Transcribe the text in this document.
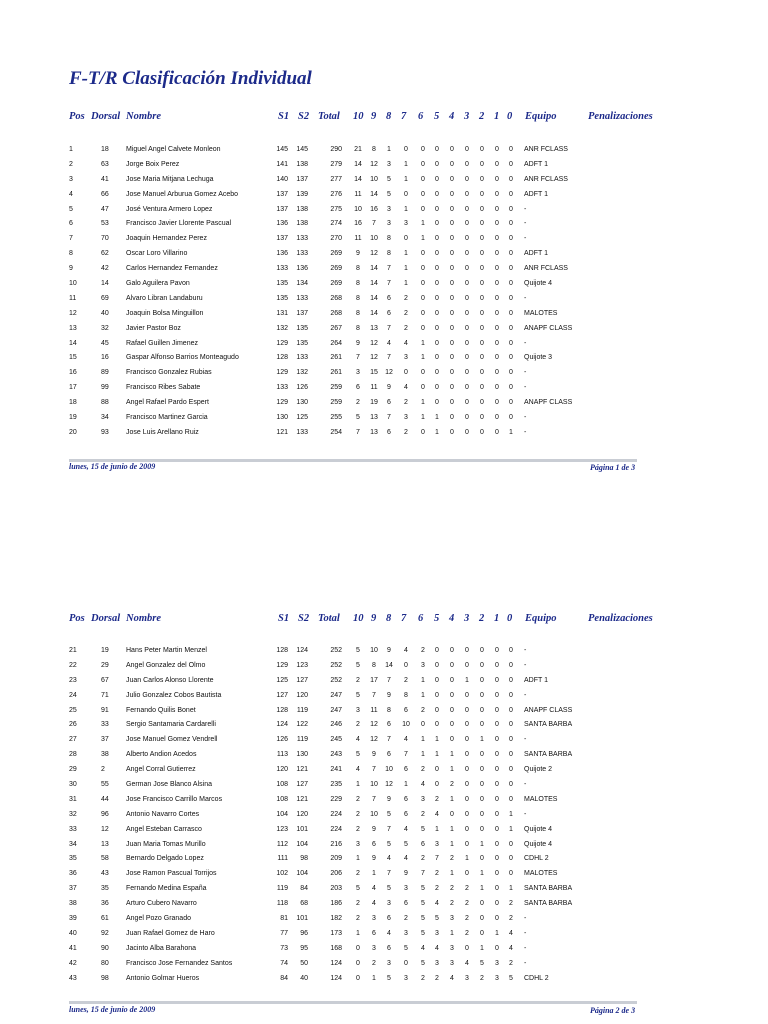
F-T/R Clasificación Individual
Pos Dorsal Nombre	S1 S2 Total 10 9 8 7 6 5 4 3 2 1 0 Equipo	Penalizaciones
1	18 Miguel Angel Calvete Monleon	145	145	290	21	8	1	0	0	0	0	0	0	0	0	ANR FCLASS
2	63 Jorge Boix Perez	141	138	279	14	12	3	1	0	0	0	0	0	0	0	ADFT 1
3	41 Jose Maria Mitjana Lechuga	140	137	277	14	10	5	1	0	0	0	0	0	0	0	ANR FCLASS
4	66 Jose Manuel Arburua Gomez Acebo	137	139	276	11	14	5	0	0	0	0	0	0	0	0	ADFT 1
5	47 José Ventura Armero Lopez	137	138	275	10	16	3	1	0	0	0	0	0	0	0	-
6	53 Francisco Javier Llorente Pascual	136	138	274	16	7	3	3	1	0	0	0	0	0	0	-
7	70 Joaquin Hernandez Perez	137	133	270	11	10	8	0	1	0	0	0	0	0	0	-
8	62 Oscar Loro Villarino	136	133	269	9	12	8	1	0	0	0	0	0	0	0	ADFT 1
9	42 Carlos Hernandez Fernandez	133	136	269	8	14	7	1	0	0	0	0	0	0	0	ANR FCLASS
10	14 Galo Aguilera Pavon	135	134	269	8	14	7	1	0	0	0	0	0	0	0	Quijote 4
11	69 Alvaro Libran Landaburu	135	133	268	8	14	6	2	0	0	0	0	0	0	0	-
12	40 Joaquin Bolsa Minguillon	131	137	268	8	14	6	2	0	0	0	0	0	0	0	MALOTES
13	32 Javier Pastor Boz	132	135	267	8	13	7	2	0	0	0	0	0	0	0	ANAPF CLASS
14	45 Rafael Guillen Jimenez	129	135	264	9	12	4	4	1	0	0	0	0	0	0	-
15	16 Gaspar Alfonso Barrios Monteagudo	128	133	261	7	12	7	3	1	0	0	0	0	0	0	Quijote 3
16	89 Francisco Gonzalez Rubias	129	132	261	3	15	12	0	0	0	0	0	0	0	0	-
17	99 Francisco Ribes Sabate	133	126	259	6	11	9	4	0	0	0	0	0	0	0	-
18	88 Angel Rafael Pardo Espert	129	130	259	2	19	6	2	1	0	0	0	0	0	0	ANAPF CLASS
19	34 Francisco Martinez Garcia	130	125	255	5	13	7	3	1	1	0	0	0	0	0	-
20	93 Jose Luis Arellano Ruiz	121	133	254	7	13	6	2	0	1	0	0	0	0	1	-
lunes, 15 de junio de 2009	Página 1 de 3
Pos Dorsal Nombre	S1 S2 Total 10 9 8 7 6 5 4 3 2 1 0 Equipo	Penalizaciones
21	19 Hans Peter Martin Menzel	128	124	252	5	10	9	4	2	0	0	0	0	0	0	-
22	29 Angel Gonzalez del Olmo	129	123	252	5	8	14	0	3	0	0	0	0	0	0	-
23	67 Juan Carlos Alonso Llorente	125	127	252	2	17	7	2	1	0	0	1	0	0	0	ADFT 1
24	71 Julio Gonzalez Cobos Bautista	127	120	247	5	7	9	8	1	0	0	0	0	0	0	-
25	91 Fernando Quilis Bonet	128	119	247	3	11	8	6	2	0	0	0	0	0	0	ANAPF CLASS
26	33 Sergio Santamaria Cardarelli	124	122	246	2	12	6	10	0	0	0	0	0	0	0	SANTA BARBA
27	37 Jose Manuel Gomez Vendrell	126	119	245	4	12	7	4	1	1	0	0	1	0	0	-
28	38 Alberto Andion Acedos	113	130	243	5	9	6	7	1	1	1	0	0	0	0	SANTA BARBA
29	2	Angel Corral Gutierrez	120	121	241	4	7	10	6	2	0	1	0	0	0	0	Quijote 2
30	55 German Jose Blanco Alsina	108	127	235	1	10	12	1	4	0	2	0	0	0	0	-
31	44 Jose Francisco Carrillo Marcos	108	121	229	2	7	9	6	3	2	1	0	0	0	0	MALOTES
32	96 Antonio Navarro Cortes	104	120	224	2	10	5	6	2	4	0	0	0	0	1	-
33	12 Angel Esteban Carrasco	123	101	224	2	9	7	4	5	1	1	0	0	0	1	Quijote 4
34	13 Juan Maria Tomas Murillo	112	104	216	3	6	5	5	6	3	1	0	1	0	0	Quijote 4
35	58 Bernardo Delgado Lopez	111	98	209	1	9	4	4	2	7	2	1	0	0	0	CDHL 2
36	43 Jose Ramon Pascual Torrijos	102	104	206	2	1	7	9	7	2	1	0	1	0	0	MALOTES
37	35 Fernando Medina España	119	84	203	5	4	5	3	5	2	2	2	1	0	1	SANTA BARBA
38	36 Arturo Cubero Navarro	118	68	186	2	4	3	6	5	4	2	2	0	0	2	SANTA BARBA
39	61 Angel Pozo Granado	81	101	182	2	3	6	2	5	5	3	2	0	0	2	-
40	92 Juan Rafael Gomez de Haro	77	96	173	1	6	4	3	5	3	1	2	0	1	4	-
41	90 Jacinto Alba Barahona	73	95	168	0	3	6	5	4	4	3	0	1	0	4	-
42	80 Francisco Jose Fernandez Santos	74	50	124	0	2	3	0	5	3	3	4	5	3	2	-
43	98 Antonio Golmar Hueros	84	40	124	0	1	5	3	2	2	4	3	2	3	5	CDHL 2
lunes, 15 de junio de 2009	Página 2 de 3
